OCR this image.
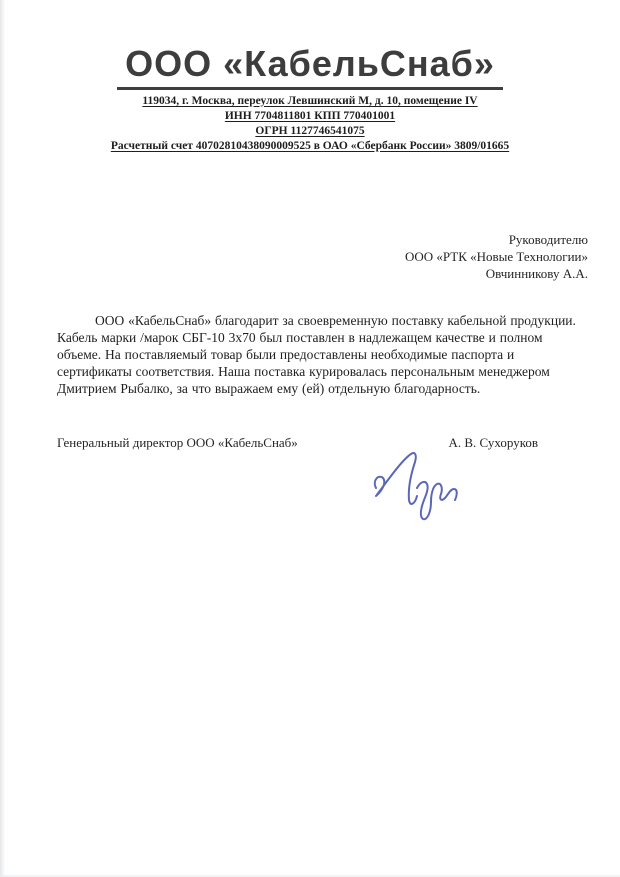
ООО «КабельСнаб»
119034, г. Москва, переулок Левшинский М, д. 10, помещение IV
ИНН 7704811801 КПП 770401001
ОГРН 1127746541075
Расчетный счет 40702810438090009525 в ОАО «Сбербанк России» 3809/01665
Руководителю
ООО «РТК «Новые Технологии»
Овчинникову А.А.

ООО «КабельСнаб» благодарит за своевременную поставку кабельной продукции. Кабель марки /марок СБГ-10 3х70 был поставлен в надлежащем качестве и полном объеме. На поставляемый товар были предоставлены необходимые паспорта и сертификаты соответствия. Наша поставка курировалась персональным менеджером Дмитрием Рыбалко, за что выражаем ему (ей) отдельную благодарность.

Генеральный директор ООО «КабельСнаб»	А. В. Сухоруков
